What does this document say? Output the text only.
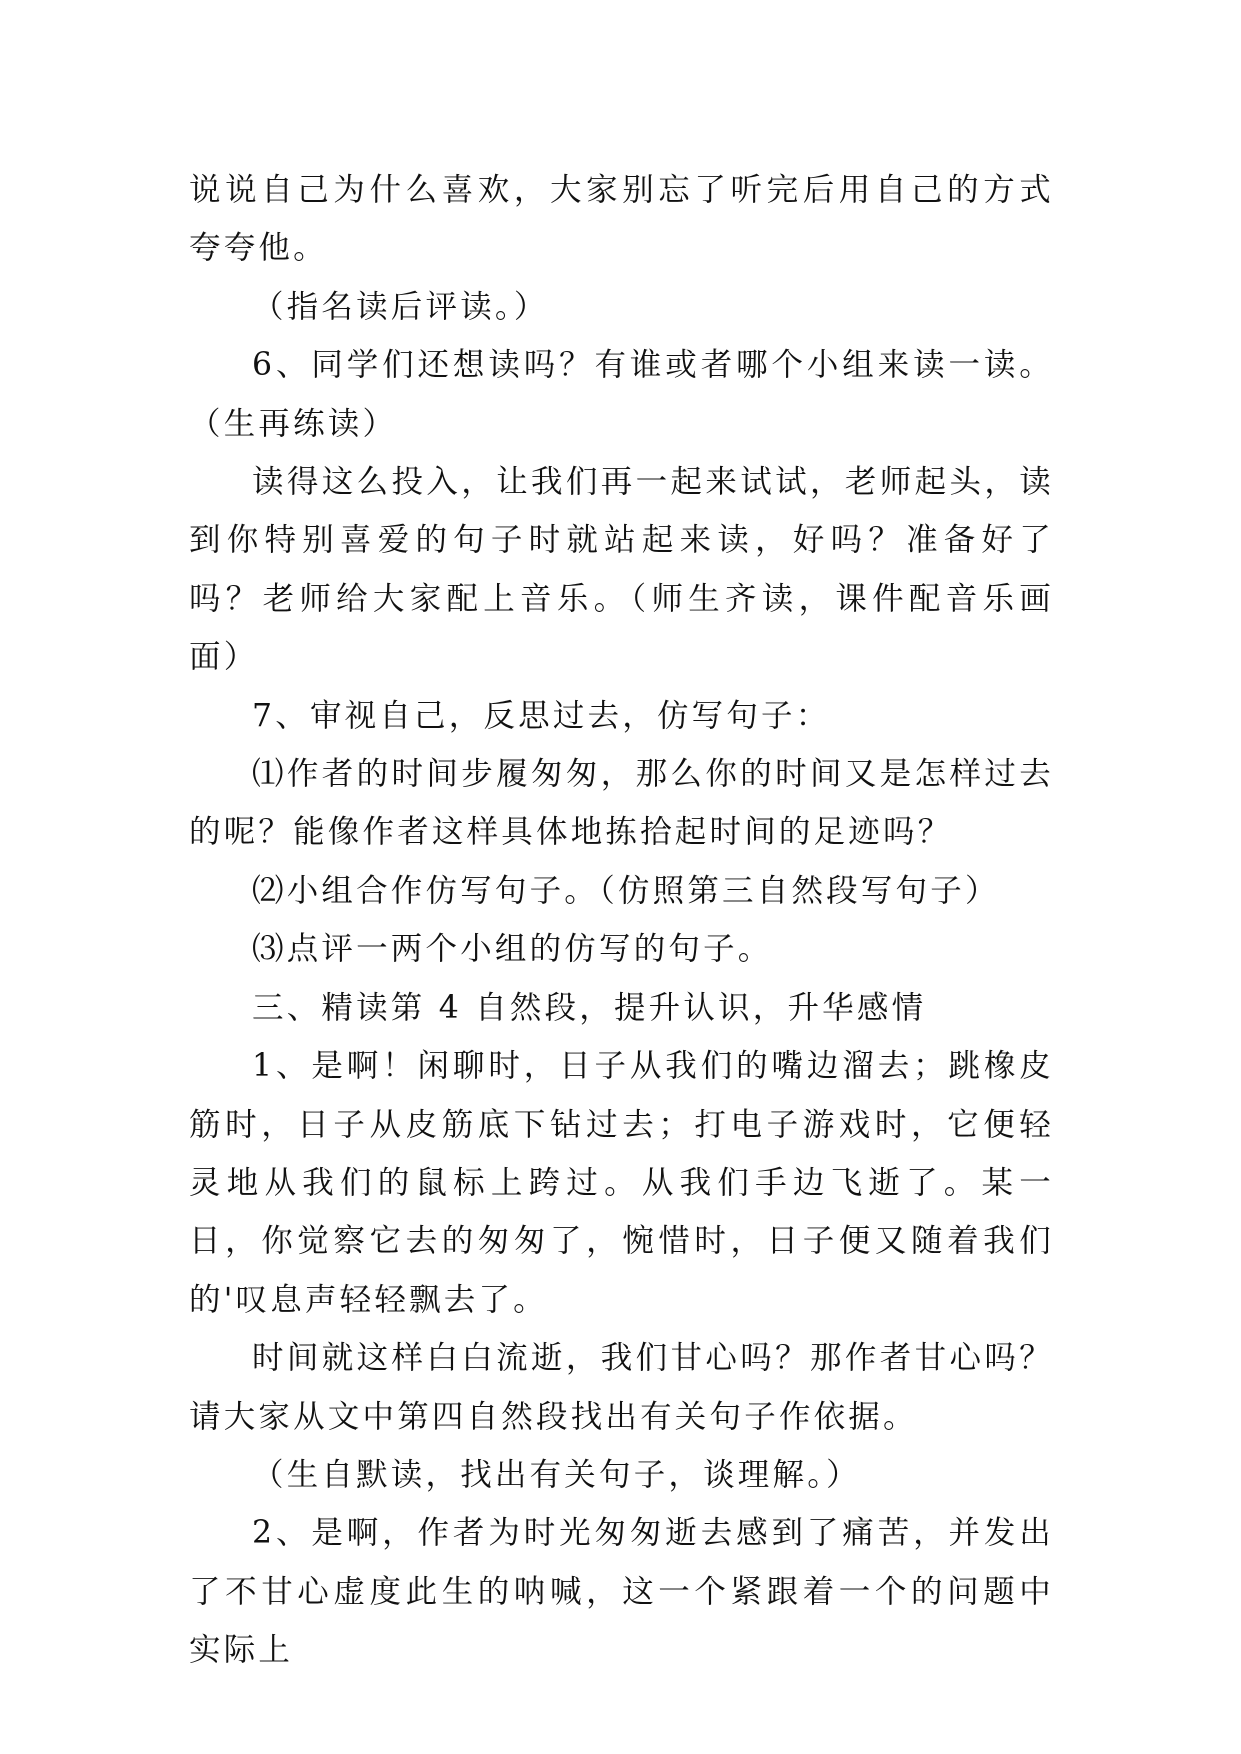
说说自己为什么喜欢，大家别忘了听完后用自己的方式夸夸他。

（指名读后评读。）

6、同学们还想读吗？有谁或者哪个小组来读一读。（生再练读）

读得这么投入，让我们再一起来试试，老师起头，读到你特别喜爱的句子时就站起来读，好吗？准备好了吗？老师给大家配上音乐。（师生齐读，课件配音乐画面）

7、审视自己，反思过去，仿写句子：

⑴作者的时间步履匆匆，那么你的时间又是怎样过去的呢？能像作者这样具体地拣拾起时间的足迹吗？

⑵小组合作仿写句子。（仿照第三自然段写句子）

⑶点评一两个小组的仿写的句子。

三、精读第 4 自然段，提升认识，升华感情

1、是啊！闲聊时，日子从我们的嘴边溜去；跳橡皮筋时，日子从皮筋底下钻过去；打电子游戏时，它便轻灵地从我们的鼠标上跨过。从我们手边飞逝了。某一日，你觉察它去的匆匆了，惋惜时，日子便又随着我们的'叹息声轻轻飘去了。

时间就这样白白流逝，我们甘心吗？那作者甘心吗？请大家从文中第四自然段找出有关句子作依据。

（生自默读，找出有关句子，谈理解。）

2、是啊，作者为时光匆匆逝去感到了痛苦，并发出了不甘心虚度此生的呐喊，这一个紧跟着一个的问题中实际上
